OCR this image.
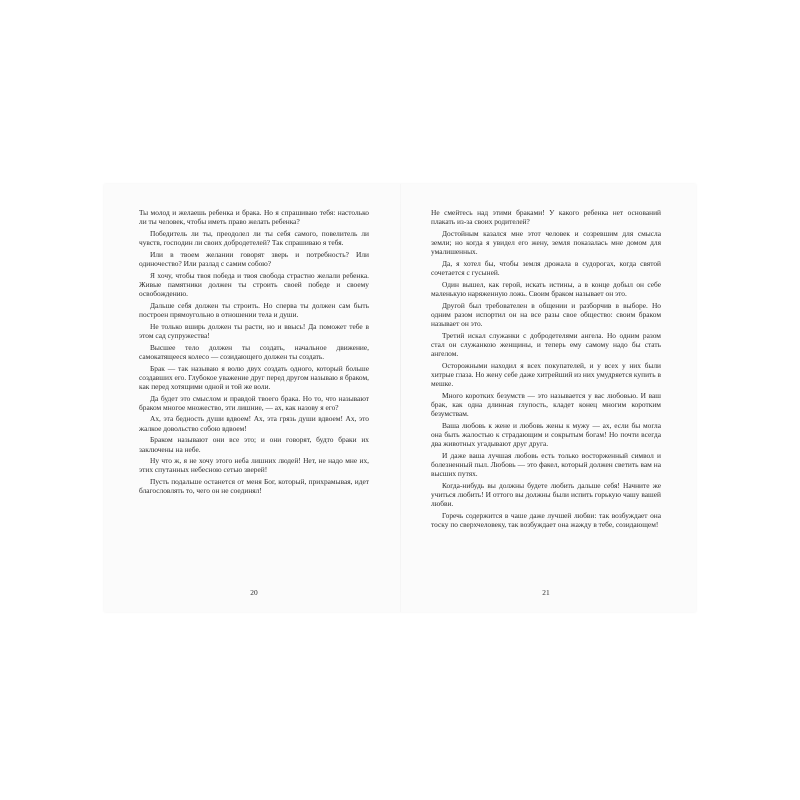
Ты молод и желаешь ребенка и брака. Но я спрашиваю тебя: настолько ли ты человек, чтобы иметь право желать ребенка?

Победитель ли ты, преодолел ли ты себя самого, повелитель ли чувств, господин ли своих добродетелей? Так спрашиваю я тебя.

Или в твоем желании говорят зверь и потребность? Или одиночество? Или разлад с самим собою?

Я хочу, чтобы твоя победа и твоя свобода страстно желали ребенка. Живые памятники должен ты строить своей победе и своему освобождению.

Дальше себя должен ты строить. Но сперва ты должен сам быть построен прямоугольно в отношении тела и души.

Не только вширь должен ты расти, но и ввысь! Да поможет тебе в этом сад супружества!

Высшее тело должен ты создать, начальное движение, самокатящееся колесо — созидающего должен ты создать.

Брак — так называю я волю двух создать одного, который больше создавших его. Глубокое уважение друг перед другом называю я браком, как перед хотящими одной и той же воли.

Да будет это смыслом и правдой твоего брака. Но то, что называют браком многое множество, эти лишние, — ах, как назову я его?

Ах, эта бедность души вдвоем! Ах, эта грязь души вдвоем! Ах, это жалкое довольство собою вдвоем!

Браком называют они все это; и они говорят, будто браки их заключены на небе.

Ну что ж, я не хочу этого неба лишних людей! Нет, не надо мне их, этих спутанных небесною сетью зверей!

Пусть подальше останется от меня Бог, который, прихрамывая, идет благословлять то, чего он не соединял!

20

Не смейтесь над этими браками! У какого ребенка нет оснований плакать из-за своих родителей?

Достойным казался мне этот человек и созревшим для смысла земли; но когда я увидел его жену, земля показалась мне домом для умалишенных.

Да, я хотел бы, чтобы земля дрожала в судорогах, когда святой сочетается с гусыней.

Один вышел, как герой, искать истины, а в конце добыл он себе маленькую наряженную ложь. Своим браком называет он это.

Другой был требователен в общении и разборчив в выборе. Но одним разом испортил он на все разы свое общество: своим браком называет он это.

Третий искал служанки с добродетелями ангела. Но одним разом стал он служанкою женщины, и теперь ему самому надо бы стать ангелом.

Осторожными находил я всех покупателей, и у всех у них были хитрые глаза. Но жену себе даже хитрейший из них умудряется купить в мешке.

Много коротких безумств — это называется у вас любовью. И ваш брак, как одна длинная глупость, кладет конец многим коротким безумствам.

Ваша любовь к жене и любовь жены к мужу — ах, если бы могла она быть жалостью к страдающим и сокрытым богам! Но почти всегда два животных угадывают друг друга.

И даже ваша лучшая любовь есть только восторженный символ и болезненный пыл. Любовь — это факел, который должен светить вам на высших путях.

Когда-нибудь вы должны будете любить дальше себя! Начните же учиться любить! И оттого вы должны были испить горькую чашу вашей любви.

Горечь содержится в чаше даже лучшей любви: так возбуждает она тоску по сверхчеловеку, так возбуждает она жажду в тебе, созидающем!

21
